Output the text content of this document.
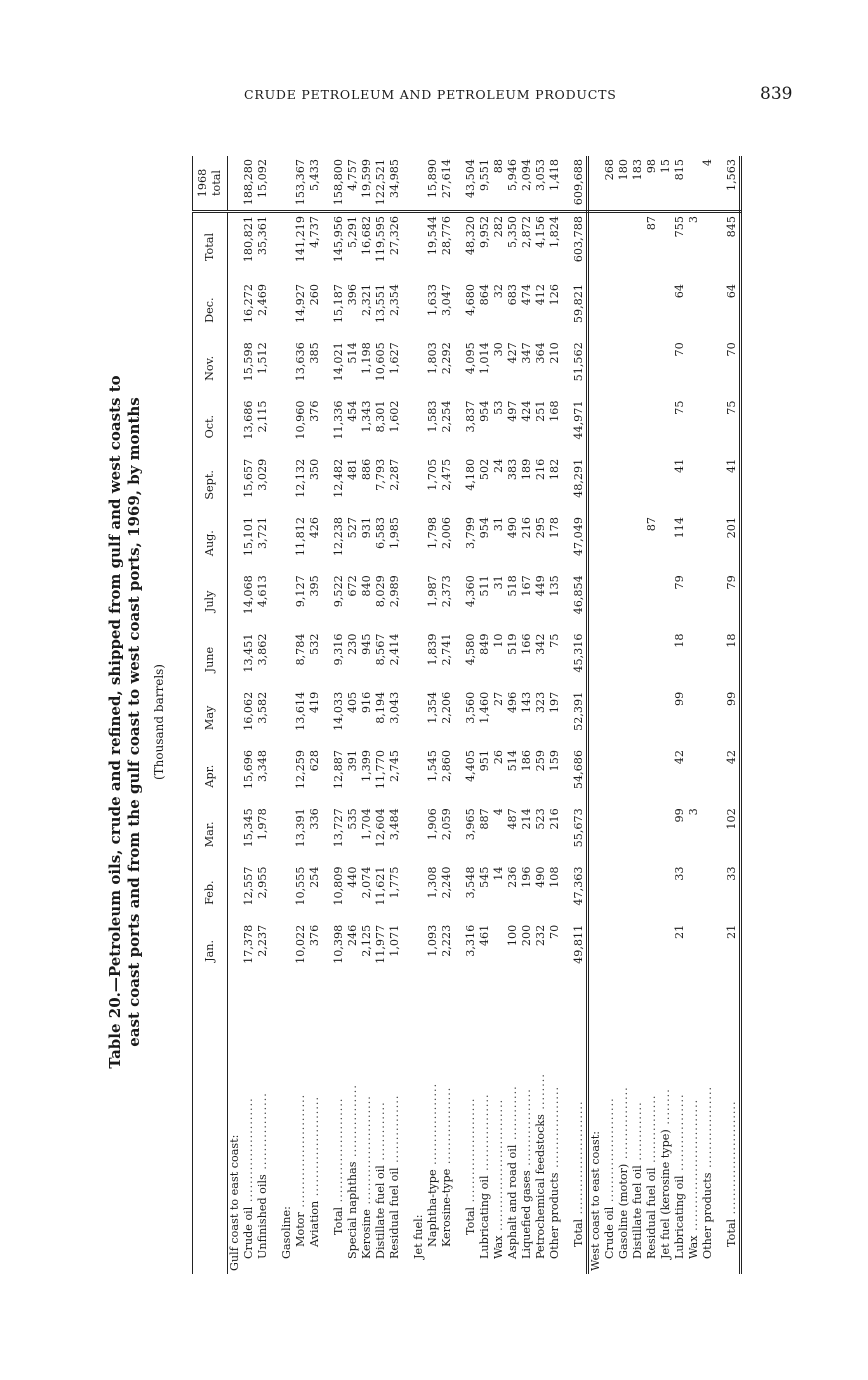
CRUDE PETROLEUM AND PETROLEUM PRODUCTS	839
Table 20.—Petroleum oils, crude and refined, shipped from gulf and west coasts to east coast ports and from the gulf coast to west coast ports, 1969, by months (Thousand barrels)
	Jan.	Feb.	Mar.	Apr.	May	June	July	Aug.	Sept.	Oct.	Nov.	Dec.	Total	1968 total
Gulf coast to east coast:														
Crude oil .......................	17,378	12,557	15,345	15,696	16,062	13,451	14,068	15,101	15,657	13,686	15,598	16,272	180,821	188,280
Unfinished oils .................	2,237	2,955	1,978	3,348	3,582	3,862	4,613	3,721	3,029	2,115	1,512	2,469	35,361	15,092

Gasoline:														
Motor .........................	10,022	10,555	13,391	12,259	13,614	8,784	9,127	11,812	12,132	10,960	13,636	14,927	141,219	153,367
Aviation ......................	376	254	336	628	419	532	395	426	350	376	385	260	4,737	5,433

Total .......................	10,398	10,809	13,727	12,887	14,033	9,316	9,522	12,238	12,482	11,336	14,021	15,187	145,956	158,800
Special naphthas ................	246	440	535	391	405	230	672	527	481	454	514	396	5,291	4,757
Kerosine ........................	2,125	2,074	1,704	1,399	916	945	840	931	886	1,343	1,198	2,321	16,682	19,599
Distillate fuel oil .............	11,977	11,621	12,604	11,770	8,194	8,567	8,029	6,583	7,793	8,301	10,605	13,551	119,595	122,521
Residual fuel oil ...............	1,071	1,775	3,484	2,745	3,043	2,414	2,989	1,985	2,287	1,602	1,627	2,354	27,326	34,985

Jet fuel:														
Naphtha-type ..................	1,093	1,308	1,906	1,545	1,354	1,839	1,987	1,798	1,705	1,583	1,803	1,633	19,544	15,890
Kerosine-type .................	2,223	2,240	2,059	2,860	2,206	2,741	2,373	2,006	2,475	2,254	2,292	3,047	28,776	27,614

Total .......................	3,316	3,548	3,965	4,405	3,560	4,580	4,360	3,799	4,180	3,837	4,095	4,680	48,320	43,504
Lubricating oil .................	461	545	887	951	1,460	849	511	954	502	954	1,014	864	9,952	9,551
Wax .............................		14	4	26	27	10	31	31	24	53	30	32	282	88
Asphalt and road oil ............	100	236	487	514	496	519	518	490	383	497	427	683	5,350	5,946
Liquefied gases .................	200	196	214	186	143	166	167	216	189	424	347	474	2,872	2,094
Petrochemical feedstocks ........	232	490	523	259	323	342	449	295	216	251	364	412	4,156	3,053
Other products ..................	70	108	216	159	197	75	135	178	182	168	210	126	1,824	1,418

Total .........................	49,811	47,363	55,673	54,686	52,391	45,316	46,854	47,049	48,291	44,971	51,562	59,821	603,788	609,688
West coast to east coast:														
Crude oil .......................														268
Gasoline (motor) ................														180
Distillate fuel oil .............														183
Residual fuel oil ...............								87					87	98
Jet fuel (kerosine type) ........														15
Lubricating oil .................	21	33	99	42	99	18	79	114	41	75	70	64	755	815
Wax .............................			3										3	
Other products ..................														4

Total .........................	21	33	102	42	99	18	79	201	41	75	70	64	845	1,563
